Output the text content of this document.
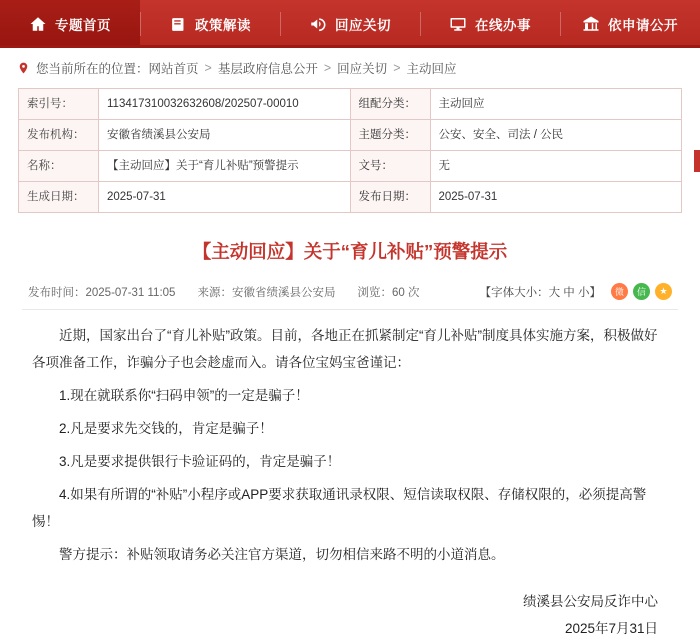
专题首页	政策解读	回应关切	在线办事	依申请公开
您当前所在的位置： 网站首页 > 基层政府信息公开 > 回应关切 > 主动回应
索引号：	113417310032632608/202507-00010	组配分类：	主动回应
发布机构：	安徽省绩溪县公安局	主题分类：	公安、安全、司法 / 公民
名称：	【主动回应】关于“育儿补贴”预警提示	文号：	无
生成日期：	2025-07-31	发布日期：	2025-07-31
【主动回应】关于“育儿补贴”预警提示
发布时间：2025-07-31 11:05 来源：安徽省绩溪县公安局 浏览：60 次	【字体大小：大 中 小】	微	信	★

近期，国家出台了“育儿补贴”政策。目前，各地正在抓紧制定“育儿补贴”制度具体实施方案，积极做好各项准备工作，诈骗分子也会趁虚而入。请各位宝妈宝爸谨记：

1.现在就联系你“扫码申领”的一定是骗子！

2.凡是要求先交钱的，肯定是骗子！

3.凡是要求提供银行卡验证码的，肯定是骗子！

4.如果有所谓的“补贴”小程序或APP要求获取通讯录权限、短信读取权限、存储权限的，必须提高警惕！

警方提示：补贴领取请务必关注官方渠道，切勿相信来路不明的小道消息。

绩溪县公安局反诈中心
2025年7月31日
